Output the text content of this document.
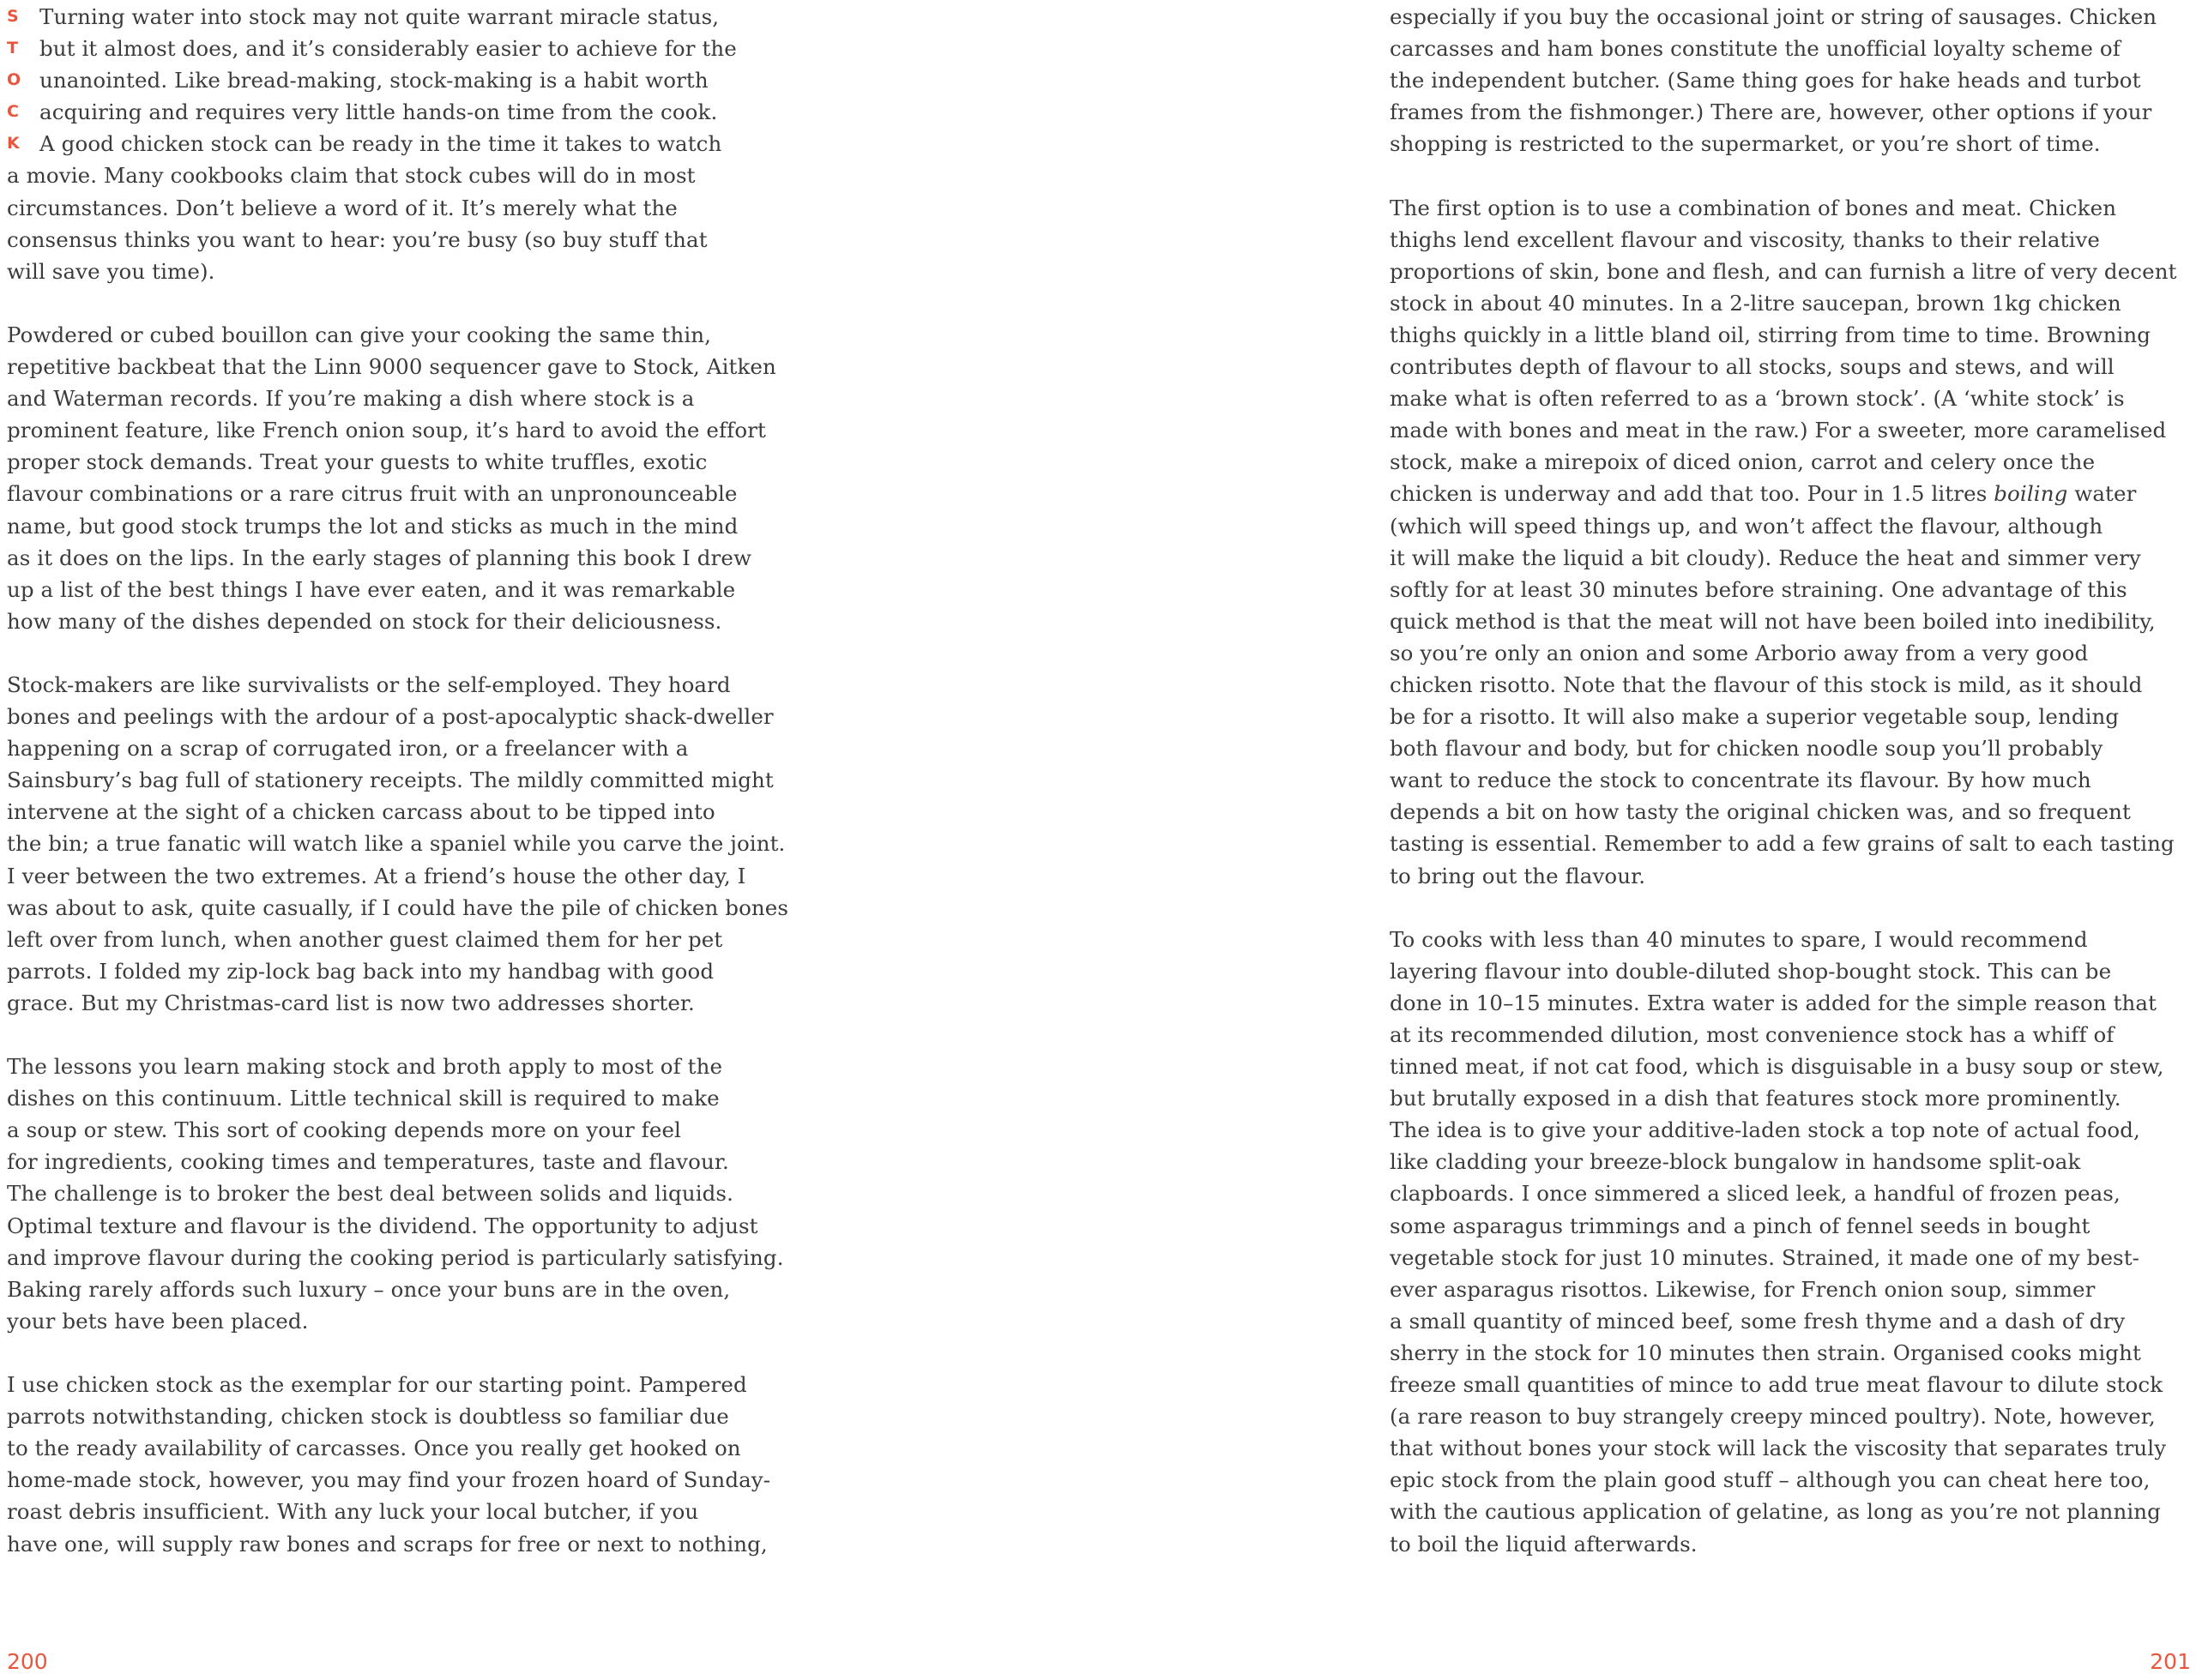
S Turning water into stock may not quite warrant miracle status,
T	but it almost does, and it’s considerably easier to achieve for the
O unanointed. Like bread-making, stock-making is a habit worth
C acquiring and requires very little hands-on time from the cook.
K A good chicken stock can be ready in the time it takes to watch
a movie. Many cookbooks claim that stock cubes will do in most
circumstances. Don’t believe a word of it. It’s merely what the
consensus thinks you want to hear: you’re busy (so buy stuff that
will save you time).
Powdered or cubed bouillon can give your cooking the same thin,
repetitive backbeat that the Linn 9000 sequencer gave to Stock, Aitken
and Waterman records. If you’re making a dish where stock is a
prominent feature, like French onion soup, it’s hard to avoid the effort
proper stock demands. Treat your guests to white truffles, exotic
flavour combinations or a rare citrus fruit with an unpronounceable
name, but good stock trumps the lot and sticks as much in the mind
as it does on the lips. In the early stages of planning this book I drew
up a list of the best things I have ever eaten, and it was remarkable
how many of the dishes depended on stock for their deliciousness.
Stock-makers are like survivalists or the self-employed. They hoard
bones and peelings with the ardour of a post-apocalyptic shack-dweller
happening on a scrap of corrugated iron, or a freelancer with a
Sainsbury’s bag full of stationery receipts. The mildly committed might
intervene at the sight of a chicken carcass about to be tipped into
the bin; a true fanatic will watch like a spaniel while you carve the joint.
I veer between the two extremes. At a friend’s house the other day, I
was about to ask, quite casually, if I could have the pile of chicken bones
left over from lunch, when another guest claimed them for her pet
parrots. I folded my zip-lock bag back into my handbag with good
grace. But my Christmas-card list is now two addresses shorter.
The lessons you learn making stock and broth apply to most of the
dishes on this continuum. Little technical skill is required to make
a soup or stew. This sort of cooking depends more on your feel
for ingredients, cooking times and temperatures, taste and flavour.
The challenge is to broker the best deal between solids and liquids.
Optimal texture and flavour is the dividend. The opportunity to adjust
and improve flavour during the cooking period is particularly satisfying.
Baking rarely affords such luxury – once your buns are in the oven,
your bets have been placed.
I use chicken stock as the exemplar for our starting point. Pampered
parrots notwithstanding, chicken stock is doubtless so familiar due
to the ready availability of carcasses. Once you really get hooked on
home-made stock, however, you may find your frozen hoard of Sunday-
roast debris insufficient. With any luck your local butcher, if you
have one, will supply raw bones and scraps for free or next to nothing,
200
especially if you buy the occasional joint or string of sausages. Chicken
carcasses and ham bones constitute the unofficial loyalty scheme of
the independent butcher. (Same thing goes for hake heads and turbot
frames from the fishmonger.) There are, however, other options if your
shopping is restricted to the supermarket, or you’re short of time.
The first option is to use a combination of bones and meat. Chicken
thighs lend excellent flavour and viscosity, thanks to their relative
proportions of skin, bone and flesh, and can furnish a litre of very decent
stock in about 40 minutes. In a 2-litre saucepan, brown 1kg chicken
thighs quickly in a little bland oil, stirring from time to time. Browning
contributes depth of flavour to all stocks, soups and stews, and will
make what is often referred to as a ‘brown stock’. (A ‘white stock’ is
made with bones and meat in the raw.) For a sweeter, more caramelised
stock, make a mirepoix of diced onion, carrot and celery once the
chicken is underway and add that too. Pour in 1.5 litres boiling water
(which will speed things up, and won’t affect the flavour, although
it will make the liquid a bit cloudy). Reduce the heat and simmer very
softly for at least 30 minutes before straining. One advantage of this
quick method is that the meat will not have been boiled into inedibility,
so you’re only an onion and some Arborio away from a very good
chicken risotto. Note that the flavour of this stock is mild, as it should
be for a risotto. It will also make a superior vegetable soup, lending
both flavour and body, but for chicken noodle soup you’ll probably
want to reduce the stock to concentrate its flavour. By how much
depends a bit on how tasty the original chicken was, and so frequent
tasting is essential. Remember to add a few grains of salt to each tasting
to bring out the flavour.
To cooks with less than 40 minutes to spare, I would recommend
layering flavour into double-diluted shop-bought stock. This can be
done in 10–15 minutes. Extra water is added for the simple reason that
at its recommended dilution, most convenience stock has a whiff of
tinned meat, if not cat food, which is disguisable in a busy soup or stew,
but brutally exposed in a dish that features stock more prominently.
The idea is to give your additive-laden stock a top note of actual food,
like cladding your breeze-block bungalow in handsome split-oak
clapboards. I once simmered a sliced leek, a handful of frozen peas,
some asparagus trimmings and a pinch of fennel seeds in bought
vegetable stock for just 10 minutes. Strained, it made one of my best-
ever asparagus risottos. Likewise, for French onion soup, simmer
a small quantity of minced beef, some fresh thyme and a dash of dry
sherry in the stock for 10 minutes then strain. Organised cooks might
freeze small quantities of mince to add true meat flavour to dilute stock
(a rare reason to buy strangely creepy minced poultry). Note, however,
that without bones your stock will lack the viscosity that separates truly
epic stock from the plain good stuff – although you can cheat here too,
with the cautious application of gelatine, as long as you’re not planning
to boil the liquid afterwards.
201
